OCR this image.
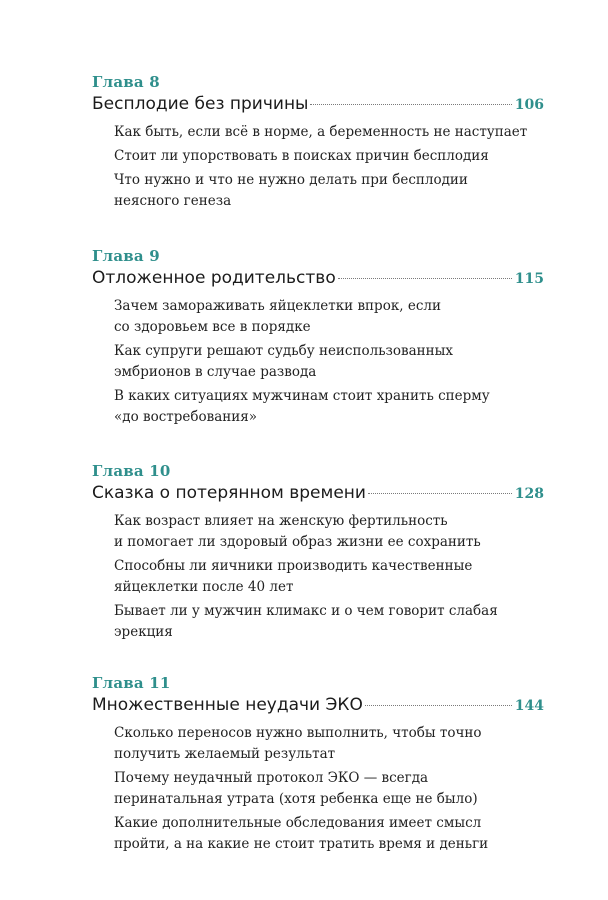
Глава 8
Бесплодие без причины	106
Как быть, если всё в норме, а беременность не наступает
Стоит ли упорствовать в поисках причин бесплодия
Что нужно и что не нужно делать при бесплодии
неясного генеза
Глава 9
Отложенное родительство	115
Зачем замораживать яйцеклетки впрок, если
со здоровьем все в порядке
Как супруги решают судьбу неиспользованных
эмбрионов в случае развода
В каких ситуациях мужчинам стоит хранить сперму
«до востребования»
Глава 10
Сказка о потерянном времени	128
Как возраст влияет на женскую фертильность
и помогает ли здоровый образ жизни ее сохранить
Способны ли яичники производить качественные
яйцеклетки после 40 лет
Бывает ли у мужчин климакс и о чем говорит слабая
эрекция
Глава 11
Множественные неудачи ЭКО	144
Сколько переносов нужно выполнить, чтобы точно
получить желаемый результат
Почему неудачный протокол ЭКО — всегда
перинатальная утрата (хотя ребенка еще не было)
Какие дополнительные обследования имеет смысл
пройти, а на какие не стоит тратить время и деньги
